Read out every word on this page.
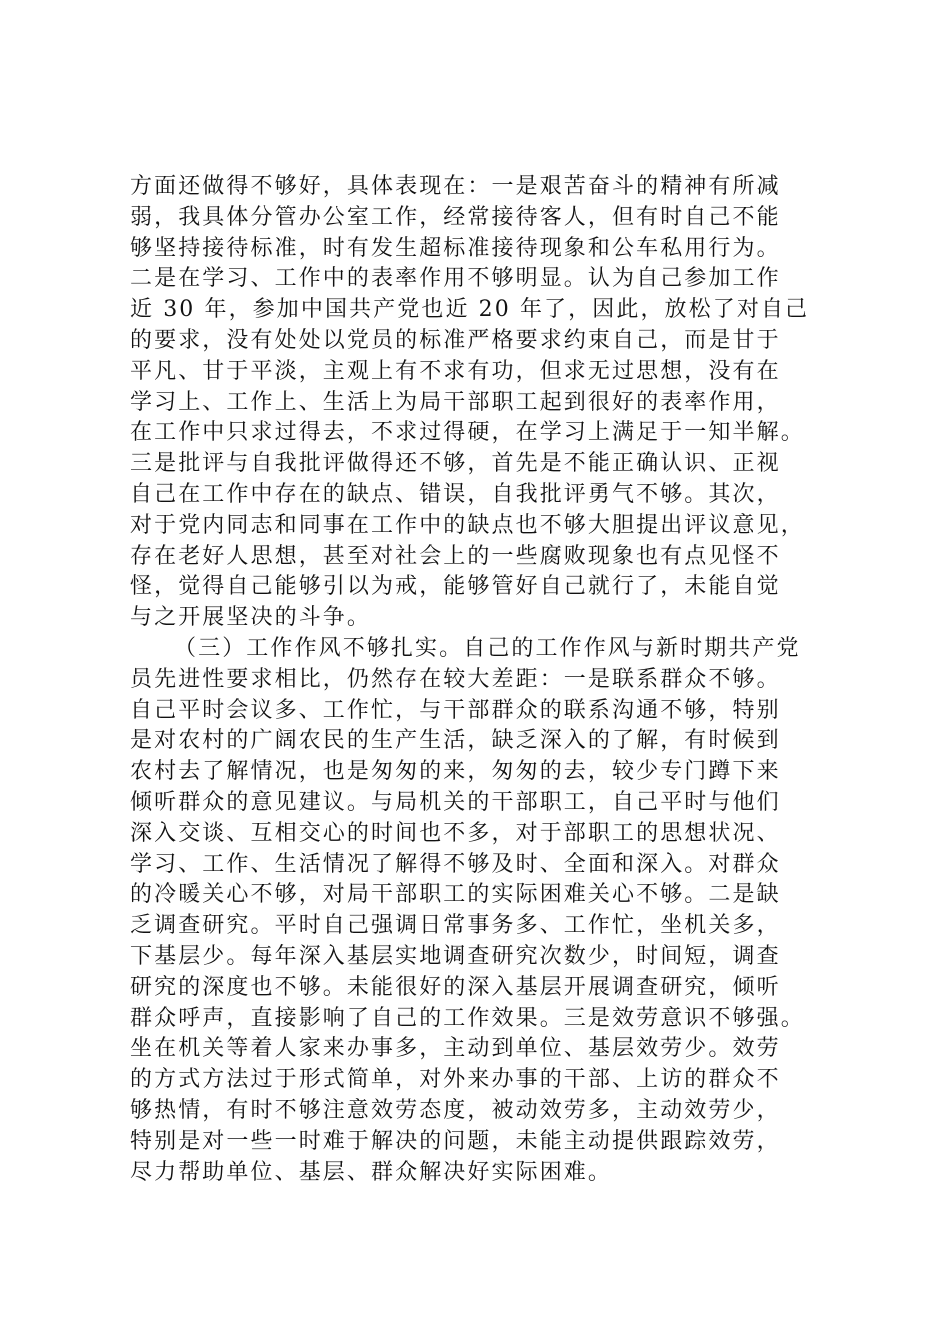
方面还做得不够好，具体表现在：一是艰苦奋斗的精神有所减
弱，我具体分管办公室工作，经常接待客人，但有时自己不能
够坚持接待标准，时有发生超标准接待现象和公车私用行为。
二是在学习、工作中的表率作用不够明显。认为自己参加工作
近 30 年，参加中国共产党也近 20 年了，因此，放松了对自己
的要求，没有处处以党员的标准严格要求约束自己，而是甘于
平凡、甘于平淡，主观上有不求有功，但求无过思想，没有在
学习上、工作上、生活上为局干部职工起到很好的表率作用，
在工作中只求过得去，不求过得硬，在学习上满足于一知半解。
三是批评与自我批评做得还不够，首先是不能正确认识、正视
自己在工作中存在的缺点、错误，自我批评勇气不够。其次，
对于党内同志和同事在工作中的缺点也不够大胆提出评议意见，
存在老好人思想，甚至对社会上的一些腐败现象也有点见怪不
怪，觉得自己能够引以为戒，能够管好自己就行了，未能自觉
与之开展坚决的斗争。
（三）工作作风不够扎实。自己的工作作风与新时期共产党
员先进性要求相比，仍然存在较大差距：一是联系群众不够。
自己平时会议多、工作忙，与干部群众的联系沟通不够，特别
是对农村的广阔农民的生产生活，缺乏深入的了解，有时候到
农村去了解情况，也是匆匆的来，匆匆的去，较少专门蹲下来
倾听群众的意见建议。与局机关的干部职工，自己平时与他们
深入交谈、互相交心的时间也不多，对于部职工的思想状况、
学习、工作、生活情况了解得不够及时、全面和深入。对群众
的冷暖关心不够，对局干部职工的实际困难关心不够。二是缺
乏调查研究。平时自己强调日常事务多、工作忙，坐机关多，
下基层少。每年深入基层实地调查研究次数少，时间短，调查
研究的深度也不够。未能很好的深入基层开展调查研究，倾听
群众呼声，直接影响了自己的工作效果。三是效劳意识不够强。
坐在机关等着人家来办事多，主动到单位、基层效劳少。效劳
的方式方法过于形式简单，对外来办事的干部、上访的群众不
够热情，有时不够注意效劳态度，被动效劳多，主动效劳少，
特别是对一些一时难于解决的问题，未能主动提供跟踪效劳，
尽力帮助单位、基层、群众解决好实际困难。
